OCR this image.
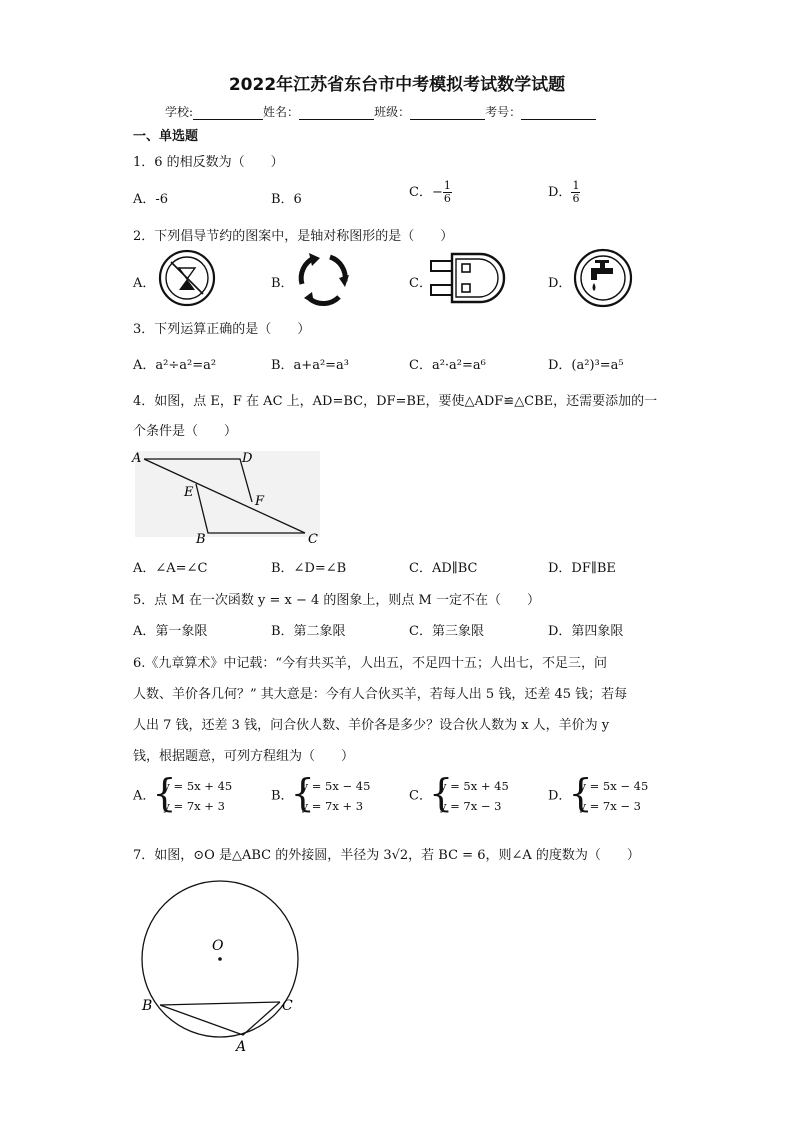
2022年江苏省东台市中考模拟考试数学试题
学校:	姓名：	班级：	考号：
一、单选题
1．6 的相反数为（　　）
A．-6	B．6	C．− $\frac{1}{6}$	D． $\frac{1}{6}$
2．下列倡导节约的图案中，是轴对称图形的是（　　）
A．	B．	C．	D．
3．下列运算正确的是（　　）
A．a²÷a²=a²	B．a+a²=a³	C．a²·a²=a⁶	D．(a²)³=a⁵
4．如图，点 E，F 在 AC 上，AD=BC，DF=BE，要使△ADF≌△CBE，还需要添加的一
个条件是（　　）
A	D
E
F
B	C
A．∠A=∠C	B．∠D=∠B	C．AD∥BC	D．DF∥BE
5．点 M 在一次函数 y = x − 4 的图象上，则点 M 一定不在（　　）
A．第一象限	B．第二象限	C．第三象限	D．第四象限
6.《九章算术》中记载：“今有共买羊，人出五，不足四十五；人出七，不足三，问
人数、羊价各几何？” 其大意是：今有人合伙买羊，若每人出 5 钱，还差 45 钱；若每
人出 7 钱，还差 3 钱，问合伙人数、羊价各是多少？设合伙人数为 x 人，羊价为 y
钱，根据题意，可列方程组为（　　）
A．
{ y = 5x + 45
y = 7x + 3
B．
{ y = 5x − 45
y = 7x + 3
C．
{ y = 5x + 45
y = 7x − 3
D．
{ y = 5x − 45
y = 7x − 3
7．如图，⊙O 是△ABC 的外接圆，半径为 3√2，若 BC = 6，则∠A 的度数为（　　）
O
B	C
A
